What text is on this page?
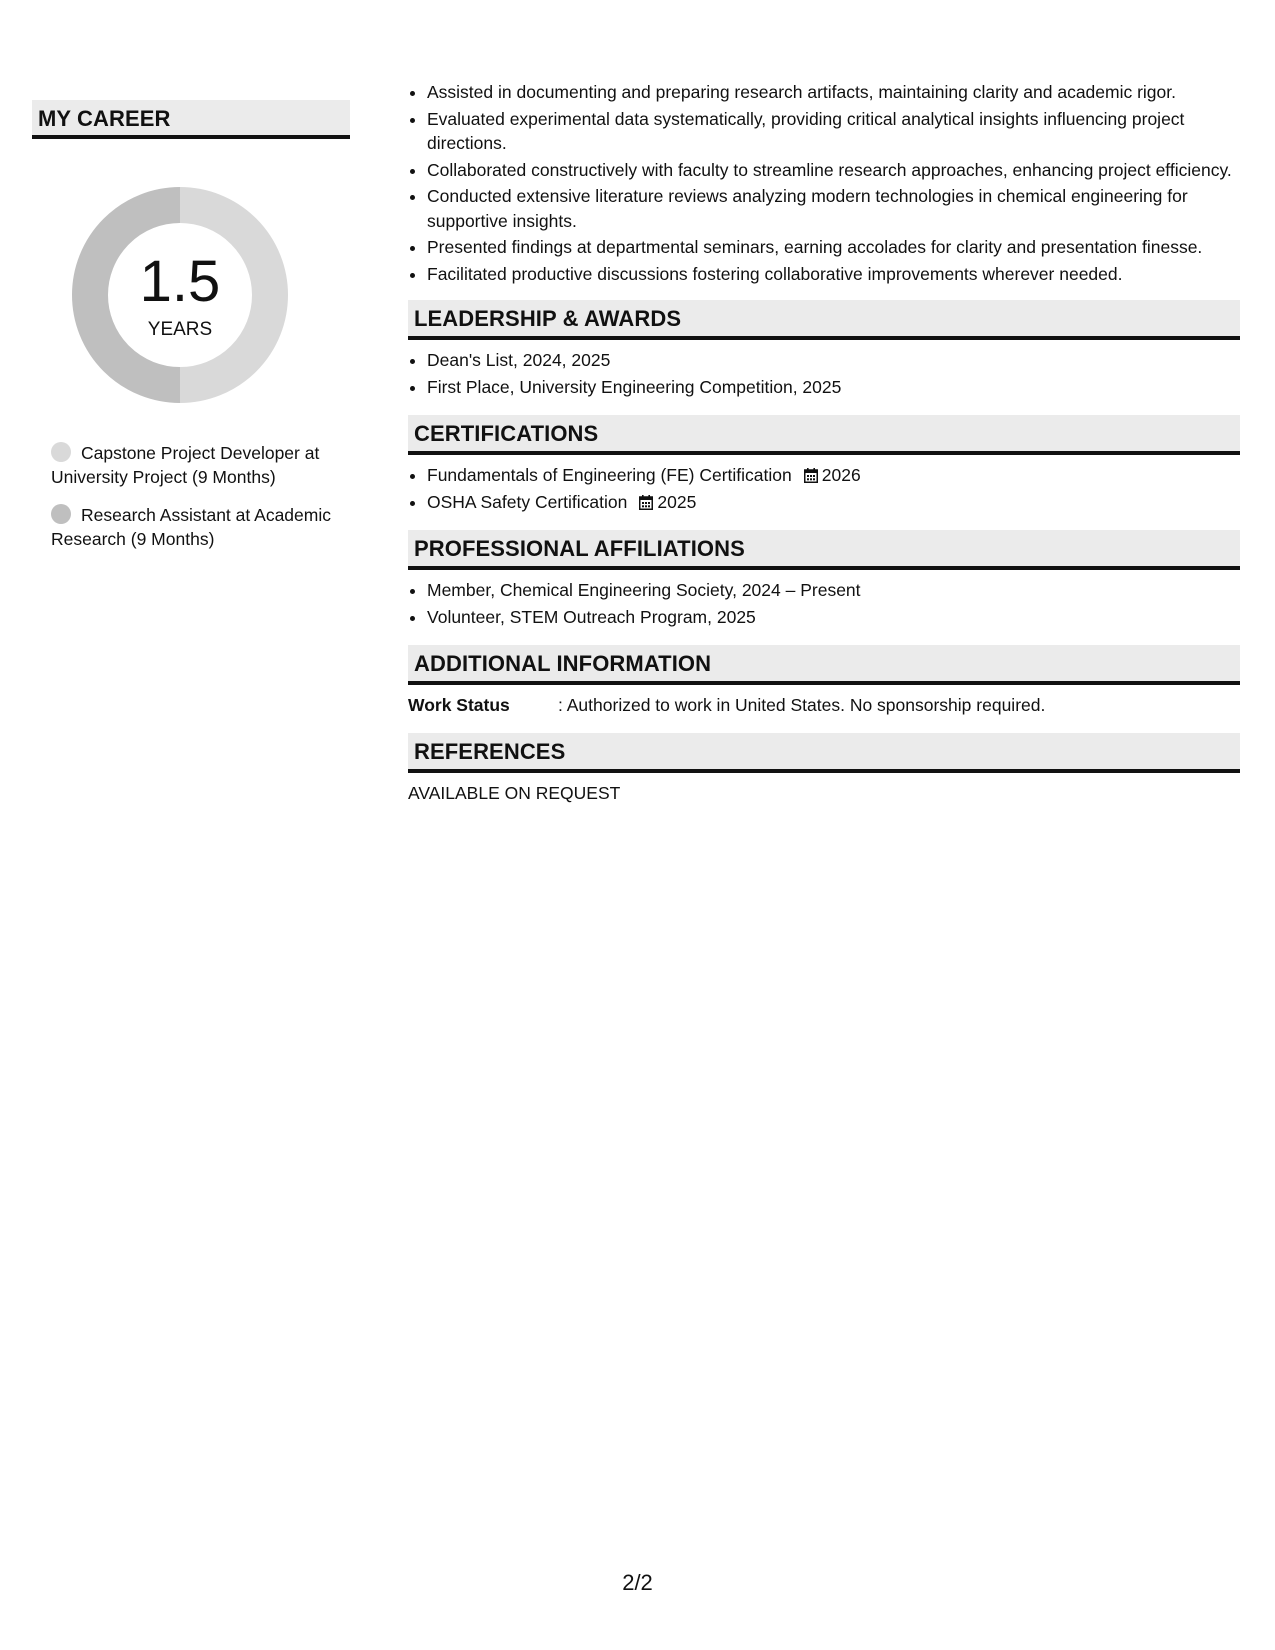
MY CAREER
1.5
YEARS
Capstone Project Developer at University Project (9 Months)
Research Assistant at Academic Research (9 Months)
• Assisted in documenting and preparing research artifacts, maintaining clarity and academic rigor.
• Evaluated experimental data systematically, providing critical analytical insights influencing project directions.
• Collaborated constructively with faculty to streamline research approaches, enhancing project efficiency.
• Conducted extensive literature reviews analyzing modern technologies in chemical engineering for supportive insights.
• Presented findings at departmental seminars, earning accolades for clarity and presentation finesse.
• Facilitated productive discussions fostering collaborative improvements wherever needed.
LEADERSHIP & AWARDS
• Dean's List, 2024, 2025
• First Place, University Engineering Competition, 2025
CERTIFICATIONS
• Fundamentals of Engineering (FE) Certification 2026
• OSHA Safety Certification 2025
PROFESSIONAL AFFILIATIONS
• Member, Chemical Engineering Society, 2024 – Present
• Volunteer, STEM Outreach Program, 2025
ADDITIONAL INFORMATION
Work Status	: Authorized to work in United States. No sponsorship required.
REFERENCES
AVAILABLE ON REQUEST
2/2
